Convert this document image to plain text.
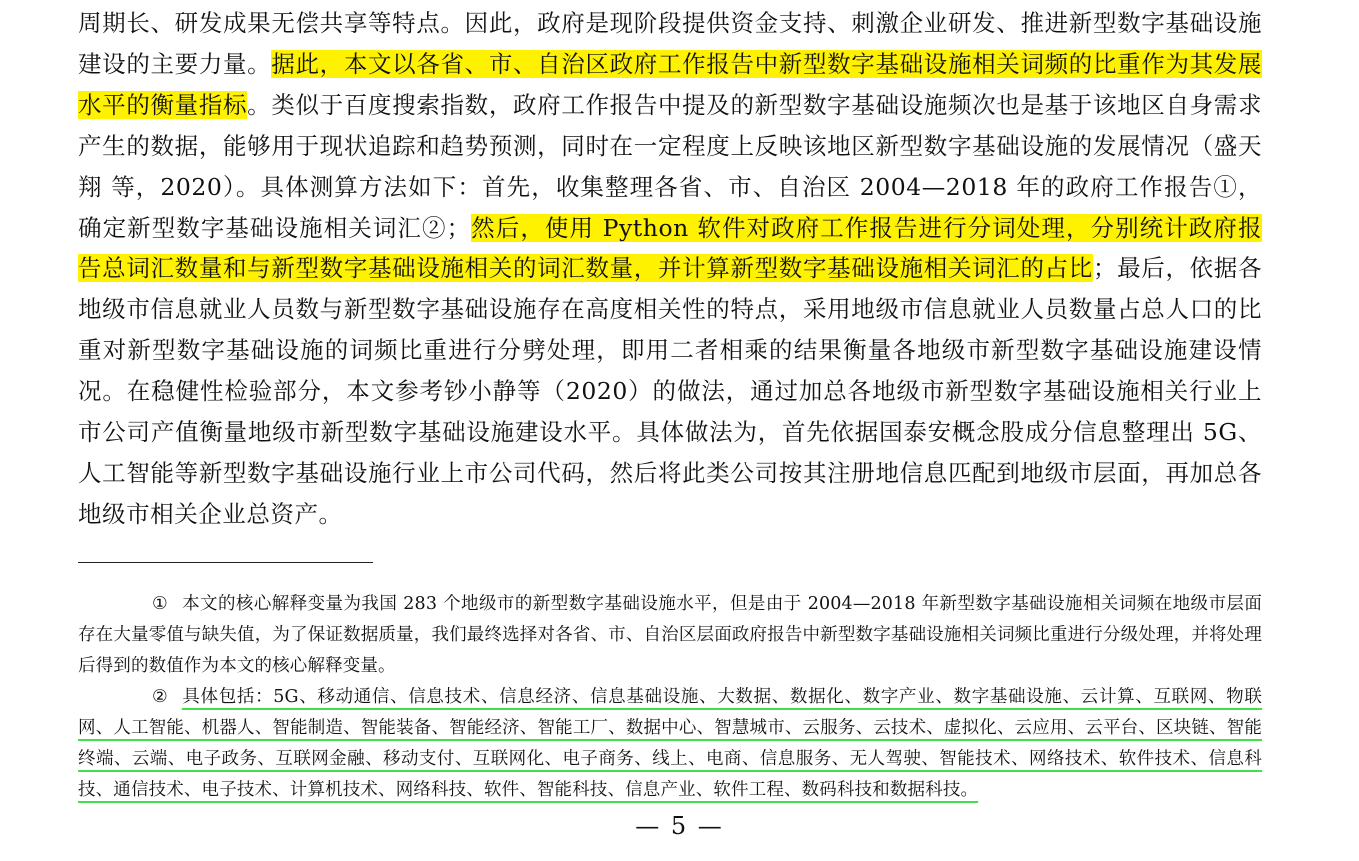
周期长、研发成果无偿共享等特点。因此，政府是现阶段提供资金支持、刺激企业研发、推进新型数字基础设施建设的主要力量。据此，本文以各省、市、自治区政府工作报告中新型数字基础设施相关词频的比重作为其发展水平的衡量指标。类似于百度搜索指数，政府工作报告中提及的新型数字基础设施频次也是基于该地区自身需求产生的数据，能够用于现状追踪和趋势预测，同时在一定程度上反映该地区新型数字基础设施的发展情况（盛天翔 等，2020）。具体测算方法如下：首先，收集整理各省、市、自治区 2004—2018 年的政府工作报告①，确定新型数字基础设施相关词汇②；然后，使用 Python 软件对政府工作报告进行分词处理，分别统计政府报告总词汇数量和与新型数字基础设施相关的词汇数量，并计算新型数字基础设施相关词汇的占比；最后，依据各地级市信息就业人员数与新型数字基础设施存在高度相关性的特点，采用地级市信息就业人员数量占总人口的比重对新型数字基础设施的词频比重进行分劈处理，即用二者相乘的结果衡量各地级市新型数字基础设施建设情况。在稳健性检验部分，本文参考钞小静等（2020）的做法，通过加总各地级市新型数字基础设施相关行业上市公司产值衡量地级市新型数字基础设施建设水平。具体做法为，首先依据国泰安概念股成分信息整理出 5G、人工智能等新型数字基础设施行业上市公司代码，然后将此类公司按其注册地信息匹配到地级市层面，再加总各地级市相关企业总资产。

① 本文的核心解释变量为我国 283 个地级市的新型数字基础设施水平，但是由于 2004—2018 年新型数字基础设施相关词频在地级市层面存在大量零值与缺失值，为了保证数据质量，我们最终选择对各省、市、自治区层面政府报告中新型数字基础设施相关词频比重进行分级处理，并将处理后得到的数值作为本文的核心解释变量。

② 具体包括：5G、移动通信、信息技术、信息经济、信息基础设施、大数据、数据化、数字产业、数字基础设施、云计算、互联网、物联网、人工智能、机器人、智能制造、智能装备、智能经济、智能工厂、数据中心、智慧城市、云服务、云技术、虚拟化、云应用、云平台、区块链、智能终端、云端、电子政务、互联网金融、移动支付、互联网化、电子商务、线上、电商、信息服务、无人驾驶、智能技术、网络技术、软件技术、信息科技、通信技术、电子技术、计算机技术、网络科技、软件、智能科技、信息产业、软件工程、数码科技和数据科技。

— 5 —
